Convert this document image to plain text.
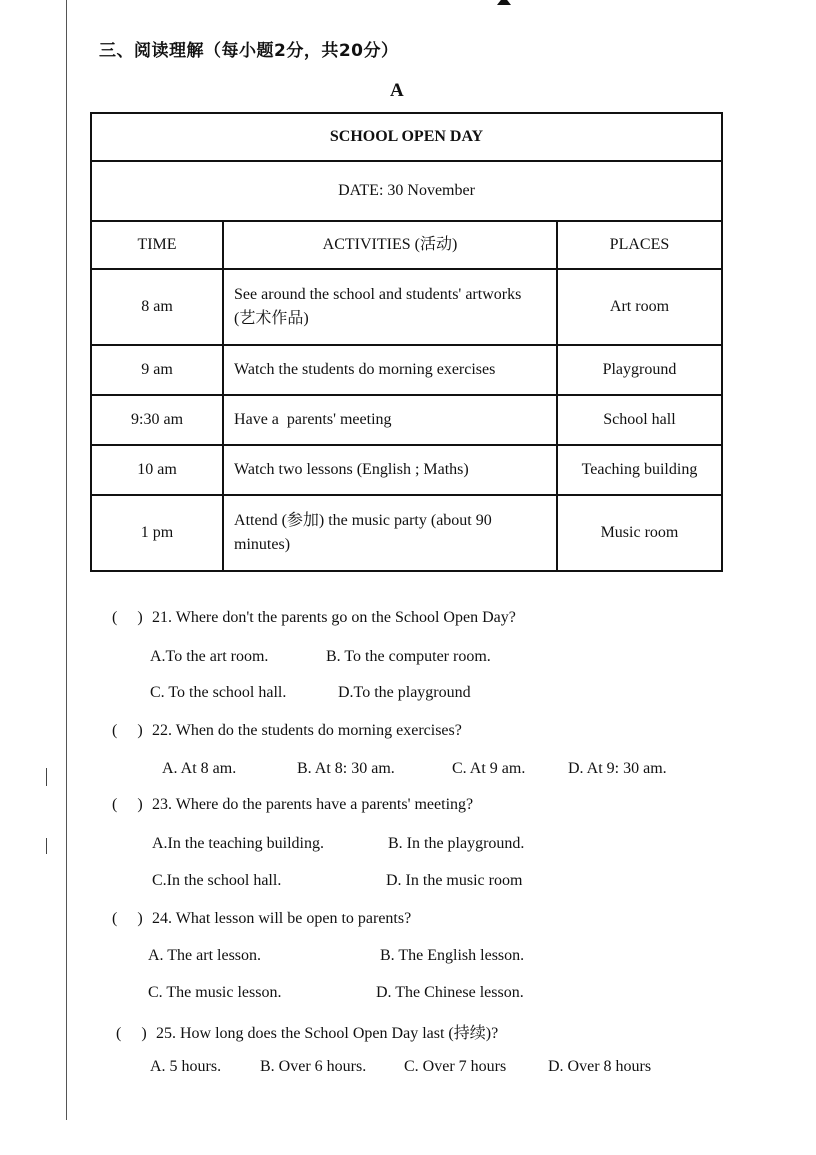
三、阅读理解（每小题2分，共20分）
A
SCHOOL OPEN DAY		
DATE: 30 November		
TIME	ACTIVITIES (活动)	PLACES
8 am	See around the school and students' artworks (艺术作品)	Art room
9 am	Watch the students do morning exercises	Playground
9:30 am	Have a  parents' meeting	School hall
10 am	Watch two lessons (English ; Maths)	Teaching building
1 pm	Attend (参加) the music party (about 90 minutes)	Music room
(     ) 21. Where don't the parents go on the School Open Day?
A.To the art room.	B. To the computer room.
C. To the school hall.	D.To the playground
(     ) 22. When do the students do morning exercises?
A. At 8 am.	B. At 8: 30 am.	C. At 9 am.	D. At 9: 30 am.
(     ) 23. Where do the parents have a parents' meeting?
A.In the teaching building.	B. In the playground.
C.In the school hall.	D. In the music room
(     ) 24. What lesson will be open to parents?
A. The art lesson.	B. The English lesson.
C. The music lesson.	D. The Chinese lesson.
(     ) 25. How long does the School Open Day last (持续)?
A. 5 hours. B. Over 6 hours. C. Over 7 hours	D. Over 8 hours
